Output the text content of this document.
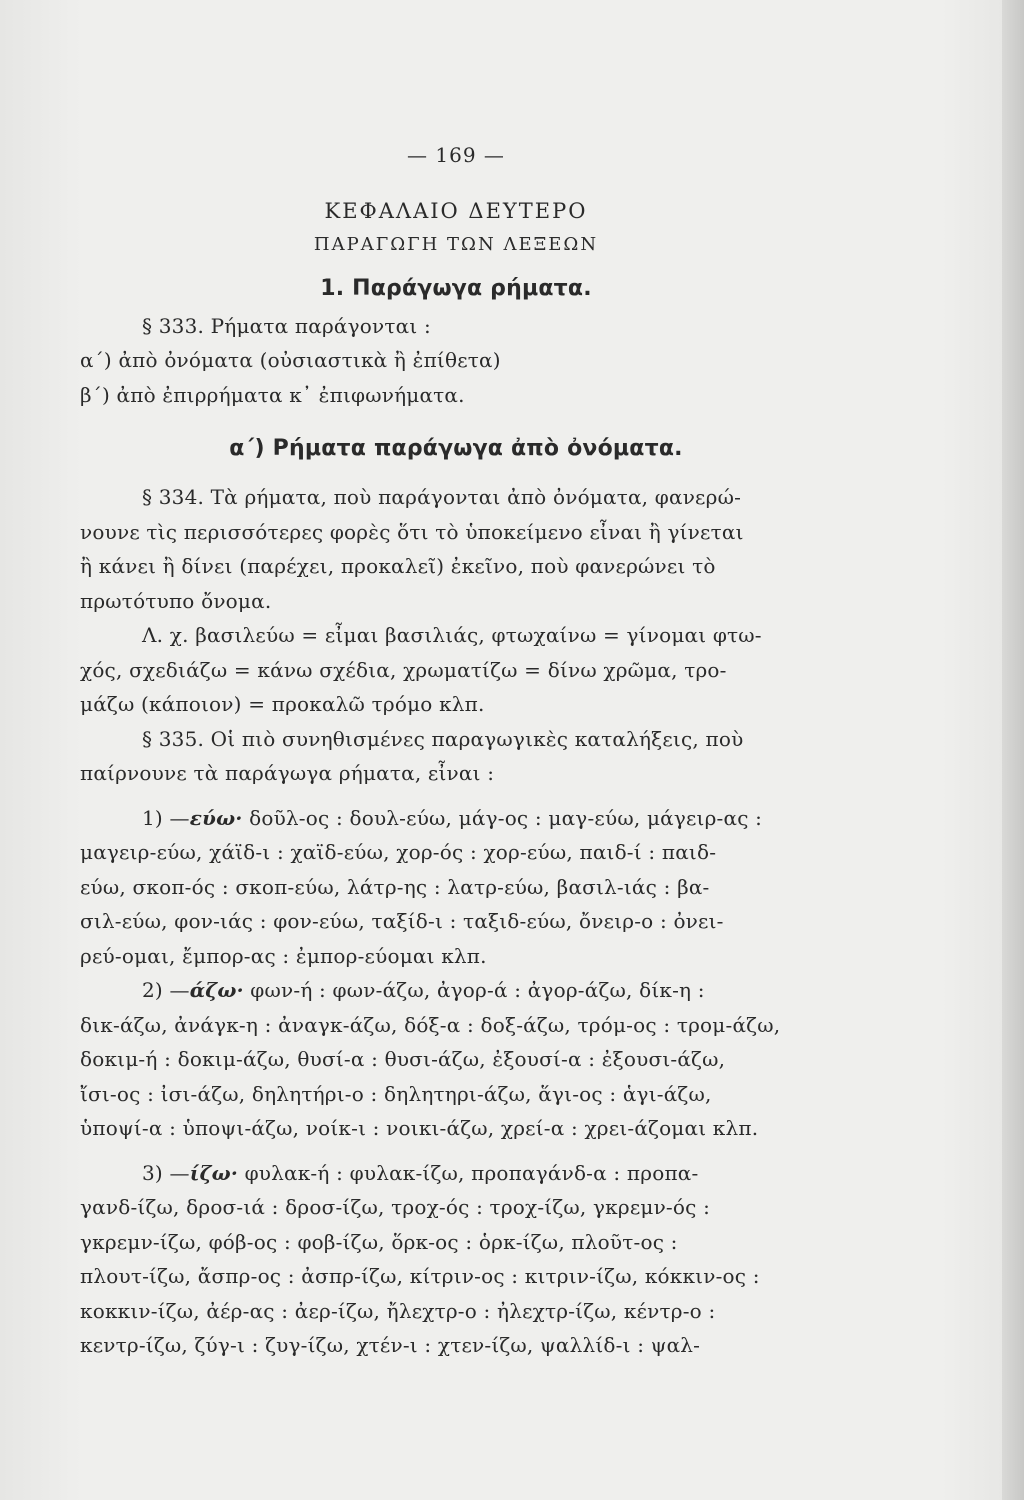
— 169 —
ΚΕΦΑΛΑΙΟ ΔΕΥΤΕΡΟ
ΠΑΡΑΓΩΓΗ ΤΩΝ ΛΕΞΕΩΝ
1. Παράγωγα ρήματα.
§ 333. Ρήματα παράγονται :
α΄) ἀπὸ ὀνόματα (οὐσιαστικὰ ἢ ἐπίθετα)
β΄) ἀπὸ ἐπιρρήματα κ᾽ ἐπιφωνήματα.
α΄) Ρήματα παράγωγα ἀπὸ ὀνόματα.
§ 334. Τὰ ρήματα, ποὺ παράγονται ἀπὸ ὀνόματα, φανερώ-
νουνε τὶς περισσότερες φορὲς ὅτι τὸ ὑποκείμενο εἶναι ἢ γίνεται
ἢ κάνει ἢ δίνει (παρέχει, προκαλεῖ) ἐκεῖνο, ποὺ φανερώνει τὸ
πρωτότυπο ὄνομα.
Λ. χ. βασιλεύω = εἶμαι βασιλιάς, φτωχαίνω = γίνομαι φτω-
χός, σχεδιάζω = κάνω σχέδια, χρωματίζω = δίνω χρῶμα, τρο-
μάζω (κάποιον) = προκαλῶ τρόμο κλπ.
§ 335. Οἱ πιὸ συνηθισμένες παραγωγικὲς καταλήξεις, ποὺ
παίρνουνε τὰ παράγωγα ρήματα, εἶναι :
1) —εύω· δοῦλ-ος : δουλ-εύω, μάγ-ος : μαγ-εύω, μάγειρ-ας :
μαγειρ-εύω, χάϊδ-ι : χαϊδ-εύω, χορ-ός : χορ-εύω, παιδ-ί : παιδ-
εύω, σκοπ-ός : σκοπ-εύω, λάτρ-ης : λατρ-εύω, βασιλ-ιάς : βα-
σιλ-εύω, φον-ιάς : φον-εύω, ταξίδ-ι : ταξιδ-εύω, ὄνειρ-ο : ὀνει-
ρεύ-ομαι, ἔμπορ-ας : ἐμπορ-εύομαι κλπ.
2) —άζω· φων-ή : φων-άζω, ἀγορ-ά : ἀγορ-άζω, δίκ-η :
δικ-άζω, ἀνάγκ-η : ἀναγκ-άζω, δόξ-α : δοξ-άζω, τρόμ-ος : τρομ-άζω,
δοκιμ-ή : δοκιμ-άζω, θυσί-α : θυσι-άζω, ἐξουσί-α : ἐξουσι-άζω,
ἴσι-ος : ἰσι-άζω, δηλητήρι-ο : δηλητηρι-άζω, ἅγι-ος : ἁγι-άζω,
ὑποψί-α : ὑποψι-άζω, νοίκ-ι : νοικι-άζω, χρεί-α : χρει-άζομαι κλπ.
3) —ίζω· φυλακ-ή : φυλακ-ίζω, προπαγάνδ-α : προπα-
γανδ-ίζω, δροσ-ιά : δροσ-ίζω, τροχ-ός : τροχ-ίζω, γκρεμν-ός :
γκρεμν-ίζω, φόβ-ος : φοβ-ίζω, ὅρκ-ος : ὁρκ-ίζω, πλοῦτ-ος :
πλουτ-ίζω, ἄσπρ-ος : ἀσπρ-ίζω, κίτριν-ος : κιτριν-ίζω, κόκκιν-ος :
κοκκιν-ίζω, ἀέρ-ας : ἀερ-ίζω, ἤλεχτρ-ο : ἠλεχτρ-ίζω, κέντρ-ο :
κεντρ-ίζω, ζύγ-ι : ζυγ-ίζω, χτέν-ι : χτεν-ίζω, ψαλλίδ-ι : ψαλ-
